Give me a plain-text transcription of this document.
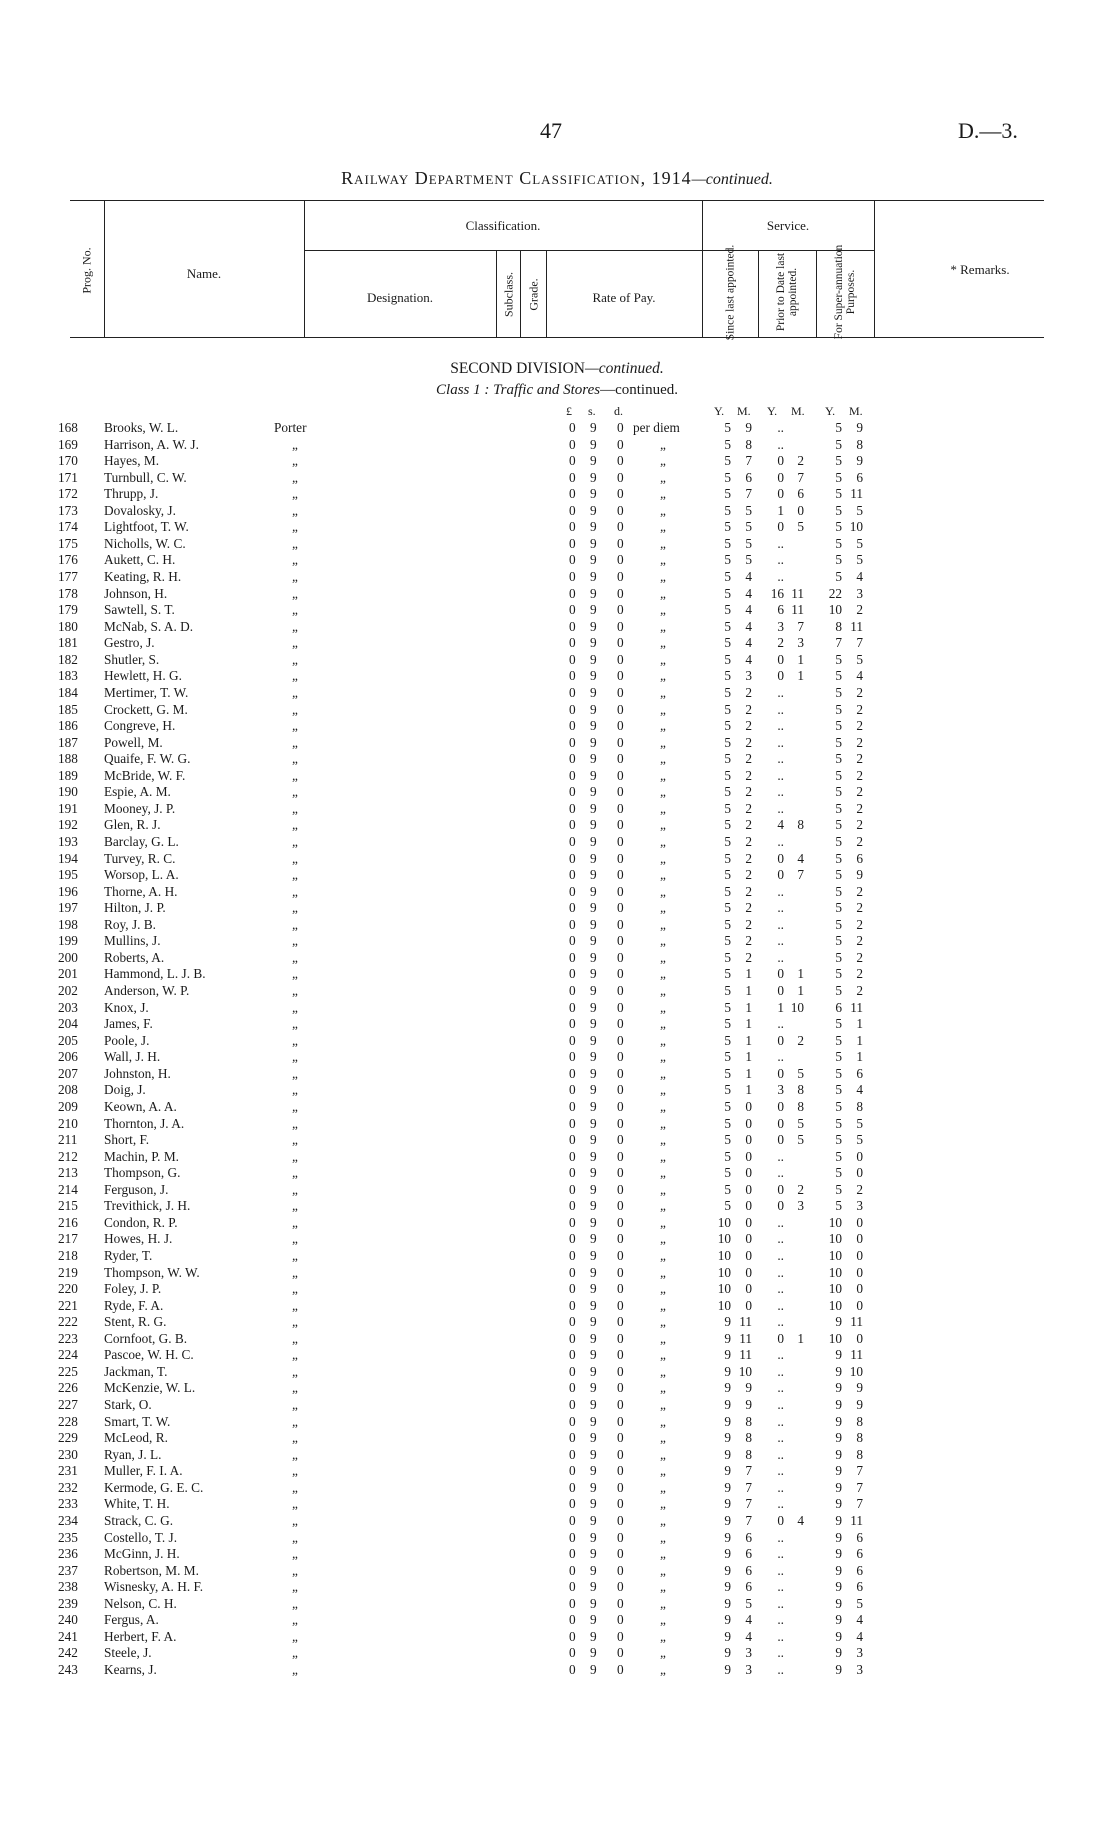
47	D.—3.
Railway Department Classification, 1914—continued.
Prog. No.	Name.
Classification.
Designation.	Subclass. Grade.	Rate of Pay.
Service.
Since last appointed.	Prior to Date last appointed.	For Super-annuation Purposes.
* Remarks.
SECOND DIVISION—continued.
Class 1 : Traffic and Stores—continued.
£ s. d.	Y. M. Y. M. Y. M.
168 Brooks, W. L.	Porter	0 9 0 per diem	5	9	..	5	9
169 Harrison, A. W. J.	„	0 9 0	„	5	8	..	5	8
170 Hayes, M.	„	0 9 0	„	5	7	0	2	5	9
171 Turnbull, C. W.	„	0 9 0	„	5	6	0	7	5	6
172 Thrupp, J.	„	0 9 0	„	5	7	0	6	5 11
173 Dovalosky, J.	„	0 9 0	„	5	5	1	0	5	5
174 Lightfoot, T. W.	„	0 9 0	„	5	5	0	5	5 10
175 Nicholls, W. C.	„	0 9 0	„	5	5	..	5	5
176 Aukett, C. H.	„	0 9 0	„	5	5	..	5	5
177 Keating, R. H.	„	0 9 0	„	5	4	..	5	4
178 Johnson, H.	„	0 9 0	„	5	4	16 11	22	3
179 Sawtell, S. T.	„	0 9 0	„	5	4	6 11	10	2
180 McNab, S. A. D.	„	0 9 0	„	5	4	3	7	8 11
181 Gestro, J.	„	0 9 0	„	5	4	2	3	7	7
182 Shutler, S.	„	0 9 0	„	5	4	0	1	5	5
183 Hewlett, H. G.	„	0 9 0	„	5	3	0	1	5	4
184 Mertimer, T. W.	„	0 9 0	„	5	2	..	5	2
185 Crockett, G. M.	„	0 9 0	„	5	2	..	5	2
186 Congreve, H.	„	0 9 0	„	5	2	..	5	2
187 Powell, M.	„	0 9 0	„	5	2	..	5	2
188 Quaife, F. W. G.	„	0 9 0	„	5	2	..	5	2
189 McBride, W. F.	„	0 9 0	„	5	2	..	5	2
190 Espie, A. M.	„	0 9 0	„	5	2	..	5	2
191 Mooney, J. P.	„	0 9 0	„	5	2	..	5	2
192 Glen, R. J.	„	0 9 0	„	5	2	4	8	5	2
193 Barclay, G. L.	„	0 9 0	„	5	2	..	5	2
194 Turvey, R. C.	„	0 9 0	„	5	2	0	4	5	6
195 Worsop, L. A.	„	0 9 0	„	5	2	0	7	5	9
196 Thorne, A. H.	„	0 9 0	„	5	2	..	5	2
197 Hilton, J. P.	„	0 9 0	„	5	2	..	5	2
198 Roy, J. B.	„	0 9 0	„	5	2	..	5	2
199 Mullins, J.	„	0 9 0	„	5	2	..	5	2
200 Roberts, A.	„	0 9 0	„	5	2	..	5	2
201 Hammond, L. J. B.	„	0 9 0	„	5	1	0	1	5	2
202 Anderson, W. P.	„	0 9 0	„	5	1	0	1	5	2
203 Knox, J.	„	0 9 0	„	5	1	1 10	6 11
204 James, F.	„	0 9 0	„	5	1	..	5	1
205 Poole, J.	„	0 9 0	„	5	1	0	2	5	1
206 Wall, J. H.	„	0 9 0	„	5	1	..	5	1
207 Johnston, H.	„	0 9 0	„	5	1	0	5	5	6
208 Doig, J.	„	0 9 0	„	5	1	3	8	5	4
209 Keown, A. A.	„	0 9 0	„	5	0	0	8	5	8
210 Thornton, J. A.	„	0 9 0	„	5	0	0	5	5	5
211 Short, F.	„	0 9 0	„	5	0	0	5	5	5
212 Machin, P. M.	„	0 9 0	„	5	0	..	5	0
213 Thompson, G.	„	0 9 0	„	5	0	..	5	0
214 Ferguson, J.	„	0 9 0	„	5	0	0	2	5	2
215 Trevithick, J. H.	„	0 9 0	„	5	0	0	3	5	3
216 Condon, R. P.	„	0 9 0	„	10	0	..	10	0
217 Howes, H. J.	„	0 9 0	„	10	0	..	10	0
218 Ryder, T.	„	0 9 0	„	10	0	..	10	0
219 Thompson, W. W.	„	0 9 0	„	10	0	..	10	0
220 Foley, J. P.	„	0 9 0	„	10	0	..	10	0
221 Ryde, F. A.	„	0 9 0	„	10	0	..	10	0
222 Stent, R. G.	„	0 9 0	„	9 11	..	9 11
223 Cornfoot, G. B.	„	0 9 0	„	9 11	0	1	10	0
224 Pascoe, W. H. C.	„	0 9 0	„	9 11	..	9 11
225 Jackman, T.	„	0 9 0	„	9 10	..	9 10
226 McKenzie, W. L.	„	0 9 0	„	9	9	..	9	9
227 Stark, O.	„	0 9 0	„	9	9	..	9	9
228 Smart, T. W.	„	0 9 0	„	9	8	..	9	8
229 McLeod, R.	„	0 9 0	„	9	8	..	9	8
230 Ryan, J. L.	„	0 9 0	„	9	8	..	9	8
231 Muller, F. I. A.	„	0 9 0	„	9	7	..	9	7
232 Kermode, G. E. C.	„	0 9 0	„	9	7	..	9	7
233 White, T. H.	„	0 9 0	„	9	7	..	9	7
234 Strack, C. G.	„	0 9 0	„	9	7	0	4	9 11
235 Costello, T. J.	„	0 9 0	„	9	6	..	9	6
236 McGinn, J. H.	„	0 9 0	„	9	6	..	9	6
237 Robertson, M. M.	„	0 9 0	„	9	6	..	9	6
238 Wisnesky, A. H. F.	„	0 9 0	„	9	6	..	9	6
239 Nelson, C. H.	„	0 9 0	„	9	5	..	9	5
240 Fergus, A.	„	0 9 0	„	9	4	..	9	4
241 Herbert, F. A.	„	0 9 0	„	9	4	..	9	4
242 Steele, J.	„	0 9 0	„	9	3	..	9	3
243 Kearns, J.	„	0 9 0	„	9	3	..	9	3
